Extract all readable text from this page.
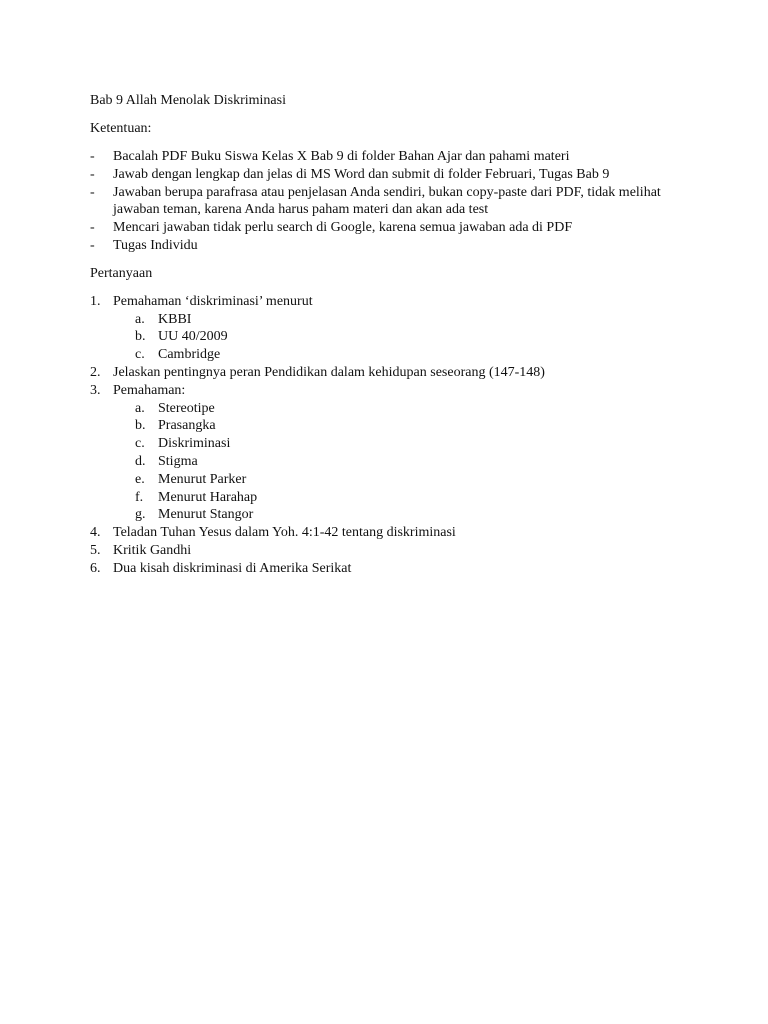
Bab 9 Allah Menolak Diskriminasi

Ketentuan:

- Bacalah PDF Buku Siswa Kelas X Bab 9 di folder Bahan Ajar dan pahami materi
- Jawab dengan lengkap dan jelas di MS Word dan submit di folder Februari, Tugas Bab 9
- Jawaban berupa parafrasa atau penjelasan Anda sendiri, bukan copy-paste dari PDF, tidak melihat jawaban teman, karena Anda harus paham materi dan akan ada test
- Mencari jawaban tidak perlu search di Google, karena semua jawaban ada di PDF
- Tugas Individu

Pertanyaan

1. Pemahaman ‘diskriminasi’ menurut
a. KBBI
b. UU 40/2009
c. Cambridge
2. Jelaskan pentingnya peran Pendidikan dalam kehidupan seseorang (147-148)
3. Pemahaman:
a. Stereotipe
b. Prasangka
c. Diskriminasi
d. Stigma
e. Menurut Parker
f. Menurut Harahap
g. Menurut Stangor
4. Teladan Tuhan Yesus dalam Yoh. 4:1-42 tentang diskriminasi
5. Kritik Gandhi
6. Dua kisah diskriminasi di Amerika Serikat
